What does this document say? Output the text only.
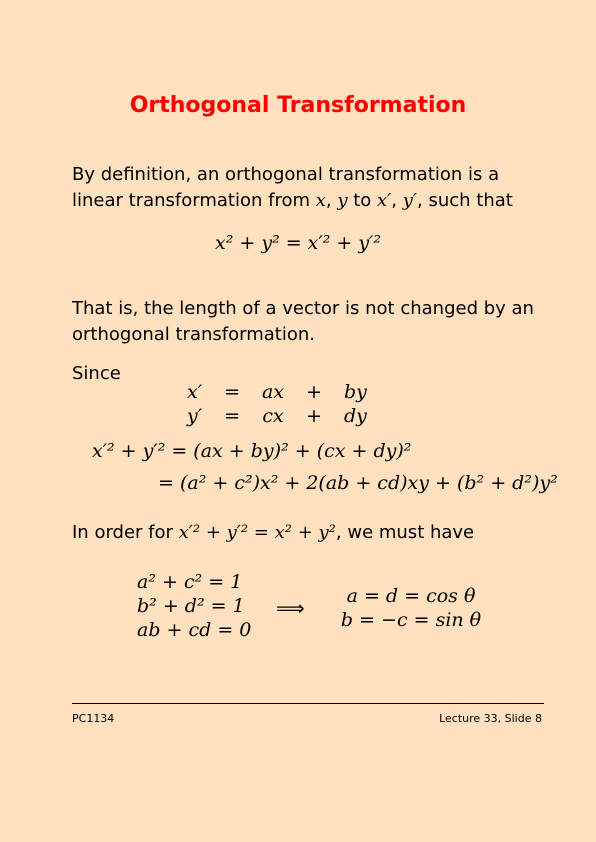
Orthogonal Transformation
By definition, an orthogonal transformation is a linear transformation from x, y to x′, y′, such that
x² + y² = x′² + y′²
That is, the length of a vector is not changed by an orthogonal transformation.
Since
x′	=	ax	+	by
y′	=	cx	+	dy
x′² + y′² = (ax + by)² + (cx + dy)²
= (a² + c²)x² + 2(ab + cd)xy + (b² + d²)y²
In order for x′² + y′² = x² + y², we must have
a² + c² = 1
b² + d² = 1
ab + cd = 0
⟹	a = d = cos θ
b = −c = sin θ
PC1134	Lecture 33, Slide 8
